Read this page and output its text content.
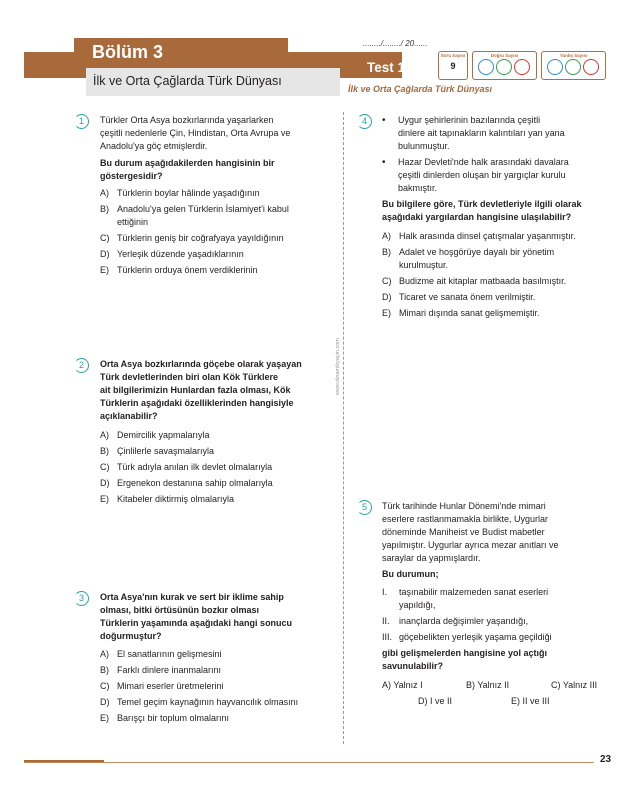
Bölüm 3
İlk ve Orta Çağlarda Türk Dünyası
Test 1
......../......../ 20......
İlk ve Orta Çağlarda Türk Dünyası
Soru Sayısı
9
Doğru Sayısı	Yanlış Sayısı
www.dinamikyayin.com
1	Türkler Orta Asya bozkırlarında yaşarlarken
çeşitli nedenlerle Çin, Hindistan, Orta Avrupa ve
Anadolu'ya göç etmişlerdir.
Bu durum aşağıdakilerden hangisinin bir
göstergesidir?
A) Türklerin boylar hâlinde yaşadığının
B) Anadolu'ya gelen Türklerin İslamiyet'i kabul
ettiğinin
C) Türklerin geniş bir coğrafyaya yayıldığının
D) Yerleşik düzende yaşadıklarının
E) Türklerin orduya önem verdiklerinin
2	Orta Asya bozkırlarında göçebe olarak yaşayan
Türk devletlerinden biri olan Kök Türklere
ait bilgilerimizin Hunlardan fazla olması, Kök
Türklerin aşağıdaki özelliklerinden hangisiyle
açıklanabilir?
A) Demircilik yapmalarıyla
B) Çinlilerle savaşmalarıyla
C) Türk adıyla anılan ilk devlet olmalarıyla
D) Ergenekon destanına sahip olmalarıyla
E) Kitabeler diktirmiş olmalarıyla
3	Orta Asya'nın kurak ve sert bir iklime sahip
olması, bitki örtüsünün bozkır olması
Türklerin yaşamında aşağıdaki hangi sonucu
doğurmuştur?
A) El sanatlarının gelişmesini
B) Farklı dinlere inanmalarını
C) Mimari eserler üretmelerini
D) Temel geçim kaynağının hayvancılık olmasını
E) Barışçı bir toplum olmalarını
4	• Uygur şehirlerinin bazılarında çeşitli
dinlere ait tapınakların kalıntıları yan yana
bulunmuştur.
• Hazar Devleti'nde halk arasındaki davalara
çeşitli dinlerden oluşan bir yargıçlar kurulu
bakmıştır.
Bu bilgilere göre, Türk devletleriyle ilgili olarak
aşağıdaki yargılardan hangisine ulaşılabilir?
A) Halk arasında dinsel çatışmalar yaşanmıştır.
B) Adalet ve hoşgörüye dayalı bir yönetim
kurulmuştur.
C) Budizme ait kitaplar matbaada basılmıştır.
D) Ticaret ve sanata önem verilmiştir.
E) Mimari dışında sanat gelişmemiştir.
5	Türk tarihinde Hunlar Dönemi'nde mimari
eserlere rastlanmamakla birlikte, Uygurlar
döneminde Maniheist ve Budist mabetler
yapılmıştır. Uygurlar ayrıca mezar anıtları ve
saraylar da yapmışlardır.
Bu durumun;
I. taşınabilir malzemeden sanat eserleri
yapıldığı,
II. inançlarda değişimler yaşandığı,
III. göçebelikten yerleşik yaşama geçildiği
gibi gelişmelerden hangisine yol açtığı
savunulabilir?
A) Yalnız I	B) Yalnız II	C) Yalnız III
D) I ve II	E) II ve III
23
